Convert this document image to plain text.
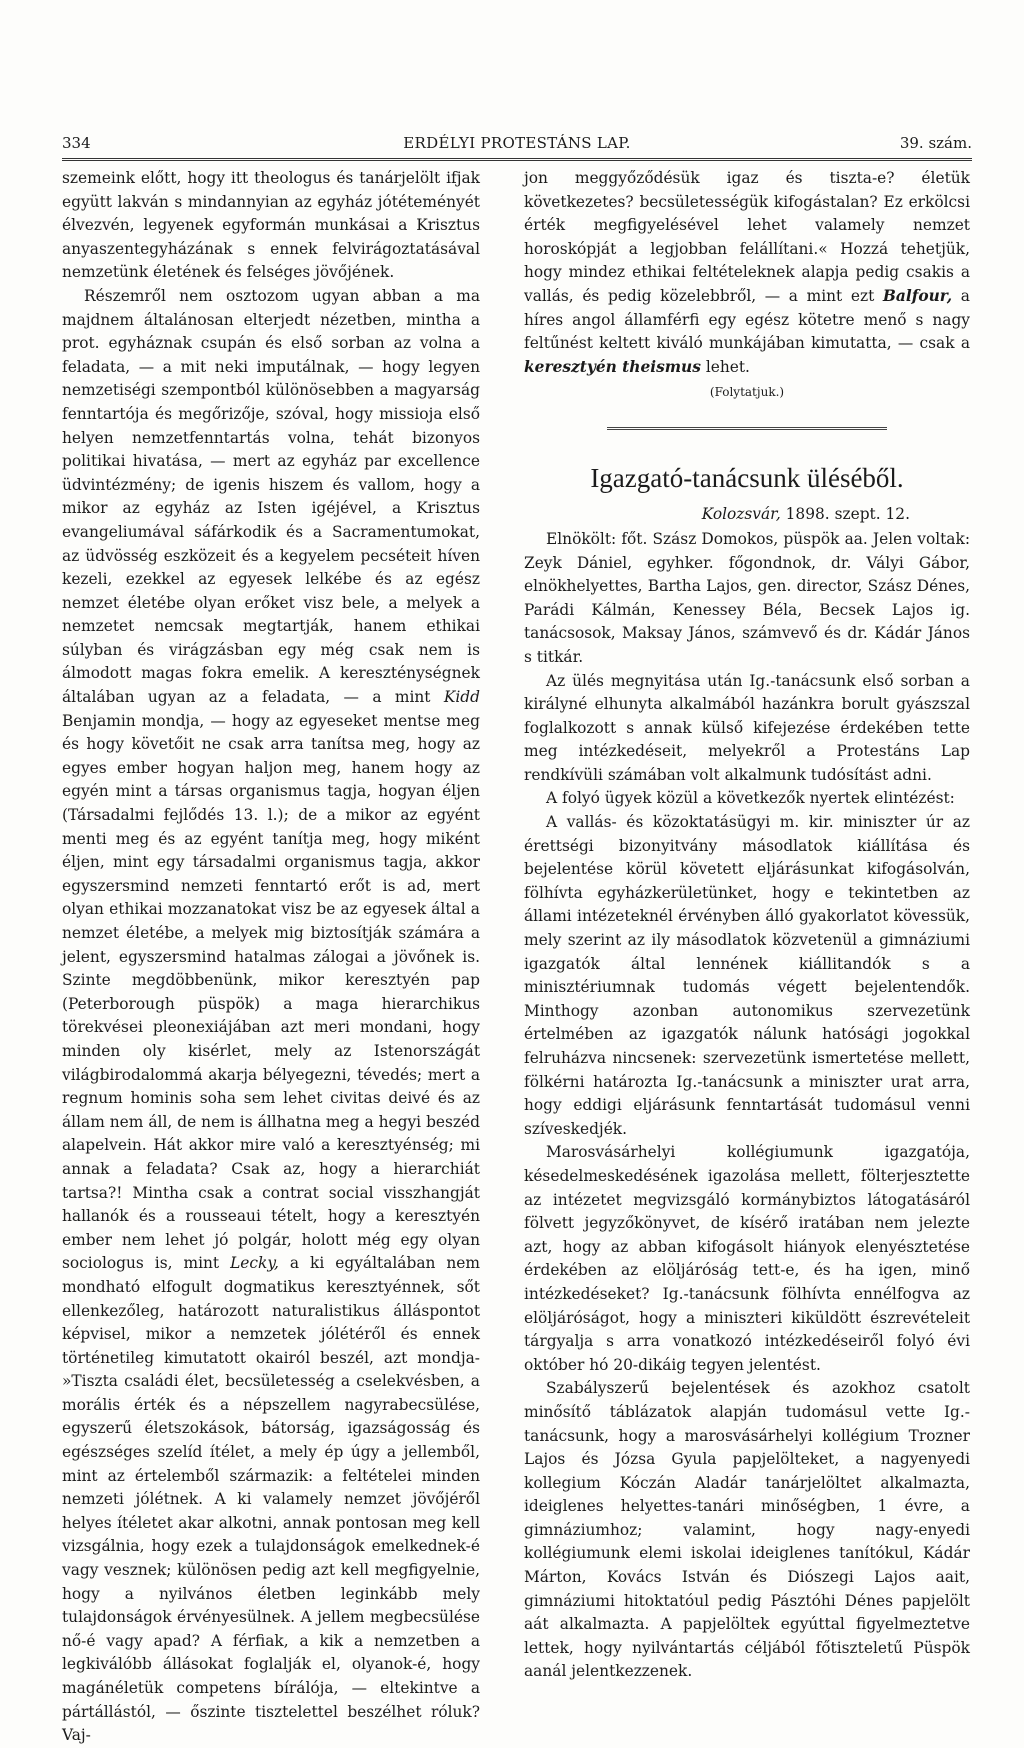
334	ERDÉLYI PROTESTÁNS LAP.	39. szám.

szemeink előtt, hogy itt theologus és tanárjelölt ifjak együtt lakván s mindannyian az egyház jótéteményét élvezvén, legyenek egyformán munkásai a Krisztus anyaszentegyházának s ennek felvirágoztatásával nemzetünk életének és felséges jövőjének.

Részemről nem osztozom ugyan abban a ma majdnem általánosan elterjedt nézetben, mintha a prot. egyháznak csupán és első sorban az volna a feladata, — a mit neki imputálnak, — hogy legyen nemzetiségi szempontból különösebben a magyarság fenntartója és megőrizője, szóval, hogy missioja első helyen nemzetfenntartás volna, tehát bizonyos politikai hivatása, — mert az egyház par excellence üdvintézmény; de igenis hiszem és vallom, hogy a mikor az egyház az Isten igéjével, a Krisztus evangeliumával sáfárkodik és a Sacramentumokat, az üdvösség eszközeit és a kegyelem pecséteit híven kezeli, ezekkel az egyesek lelkébe és az egész nemzet életébe olyan erőket visz bele, a melyek a nemzetet nemcsak megtartják, hanem ethikai súlyban és virágzásban egy még csak nem is álmodott magas fokra emelik. A kereszténységnek általában ugyan az a feladata, — a mint Kidd Benjamin mondja, — hogy az egyeseket mentse meg és hogy követőit ne csak arra tanítsa meg, hogy az egyes ember hogyan haljon meg, hanem hogy az egyén mint a társas organismus tagja, hogyan éljen (Társadalmi fejlődés 13. l.); de a mikor az egyént menti meg és az egyént tanítja meg, hogy miként éljen, mint egy társadalmi organismus tagja, akkor egyszersmind nemzeti fenntartó erőt is ad, mert olyan ethikai mozzanatokat visz be az egyesek által a nemzet életébe, a melyek mig biztosítják számára a jelent, egyszersmind hatalmas zálogai a jövőnek is. Szinte megdöbbenünk, mikor keresztyén pap (Peterborough püspök) a maga hierarchikus törekvései pleonexiájában azt meri mondani, hogy minden oly kisérlet, mely az Istenországát világbirodalommá akarja bélyegezni, tévedés; mert a regnum hominis soha sem lehet civitas deivé és az állam nem áll, de nem is állhatna meg a hegyi beszéd alapelvein. Hát akkor mire való a keresztyénség; mi annak a feladata? Csak az, hogy a hierarchiát tartsa?! Mintha csak a contrat social visszhangját hallanók és a rousseaui tételt, hogy a keresztyén ember nem lehet jó polgár, holott még egy olyan sociologus is, mint Lecky, a ki egyáltalában nem mondható elfogult dogmatikus keresztyénnek, sőt ellenkezőleg, határozott naturalistikus álláspontot képvisel, mikor a nemzetek jólétéről és ennek történetileg kimutatott okairól beszél, azt mondja- »Tiszta családi élet, becsületesség a cselekvésben, a morális érték és a népszellem nagyrabecsülése, egyszerű életszokások, bátorság, igazságosság és egészséges szelíd ítélet, a mely ép úgy a jellemből, mint az értelemből származik: a feltételei minden nemzeti jólétnek. A ki valamely nemzet jövőjéről helyes ítéletet akar alkotni, annak pontosan meg kell vizsgálnia, hogy ezek a tulajdonságok emelkednek-é vagy vesznek; különösen pedig azt kell megfigyelnie, hogy a nyilvános életben leginkább mely tulajdonságok érvényesülnek. A jellem megbecsülése nő-é vagy apad? A férfiak, a kik a nemzetben a legkiválóbb állásokat foglalják el, olyanok-é, hogy magánéletük competens bírálója, — eltekintve a pártállástól, — őszinte tisztelettel beszélhet róluk? Vaj-

jon meggyőződésük igaz és tiszta-e? életük következetes? becsületességük kifogástalan? Ez erkölcsi érték megfigyelésével lehet valamely nemzet horoskópját a legjobban felállítani.« Hozzá tehetjük, hogy mindez ethikai feltételeknek alapja pedig csakis a vallás, és pedig közelebbről, — a mint ezt Balfour, a híres angol államférfi egy egész kötetre menő s nagy feltűnést keltett kiváló munkájában kimutatta, — csak a keresztyén theismus lehet.

(Folytatjuk.)

Igazgató-tanácsunk üléséből.
Kolozsvár, 1898. szept. 12.

Elnökölt: főt. Szász Domokos, püspök aa. Jelen voltak: Zeyk Dániel, egyhker. főgondnok, dr. Vályi Gábor, elnökhelyettes, Bartha Lajos, gen. director, Szász Dénes, Parádi Kálmán, Kenessey Béla, Becsek Lajos ig. tanácsosok, Maksay János, számvevő és dr. Kádár János s titkár.

Az ülés megnyitása után Ig.-tanácsunk első sorban a királyné elhunyta alkalmából hazánkra borult gyászszal foglalkozott s annak külső kifejezése érdekében tette meg intézkedéseit, melyekről a Protestáns Lap rendkívüli számában volt alkalmunk tudósítást adni.

A folyó ügyek közül a következők nyertek elintézést:

A vallás- és közoktatásügyi m. kir. miniszter úr az érettségi bizonyitvány másodlatok kiállítása és bejelentése körül követett eljárásunkat kifogásolván, fölhívta egyházkerületünket, hogy e tekintetben az állami intézeteknél érvényben álló gyakorlatot kövessük, mely szerint az ily másodlatok közvetenül a gimnáziumi igazgatók által lennének kiállitandók s a minisztériumnak tudomás végett bejelentendők. Minthogy azonban autonomikus szervezetünk értelmében az igazgatók nálunk hatósági jogokkal felruházva nincsenek: szervezetünk ismertetése mellett, fölkérni határozta Ig.-tanácsunk a miniszter urat arra, hogy eddigi eljárásunk fenntartását tudomásul venni szíveskedjék.

Marosvásárhelyi kollégiumunk igazgatója, késedelmeskedésének igazolása mellett, fölterjesztette az intézetet megvizsgáló kormánybiztos látogatásáról fölvett jegyzőkönyvet, de kísérő iratában nem jelezte azt, hogy az abban kifogásolt hiányok elenyésztetése érdekében az elöljáróság tett-e, és ha igen, minő intézkedéseket? Ig.-tanácsunk fölhívta ennélfogva az elöljáróságot, hogy a miniszteri kiküldött észrevételeit tárgyalja s arra vonatkozó intézkedéseiről folyó évi október hó 20-dikáig tegyen jelentést.

Szabályszerű bejelentések és azokhoz csatolt minősítő táblázatok alapján tudomásul vette Ig.-tanácsunk, hogy a marosvásárhelyi kollégium Trozner Lajos és Józsa Gyula papjelölteket, a nagyenyedi kollegium Kóczán Aladár tanárjelöltet alkalmazta, ideiglenes helyettes-tanári minőségben, 1 évre, a gimnáziumhoz; valamint, hogy nagy-enyedi kollégiumunk elemi iskolai ideiglenes tanítókul, Kádár Márton, Kovács István és Diószegi Lajos aait, gimnáziumi hitoktatóul pedig Pásztóhi Dénes papjelölt aát alkalmazta. A papjelöltek egyúttal figyelmeztetve lettek, hogy nyilvántartás céljából főtiszteletű Püspök aanál jelentkezzenek.
